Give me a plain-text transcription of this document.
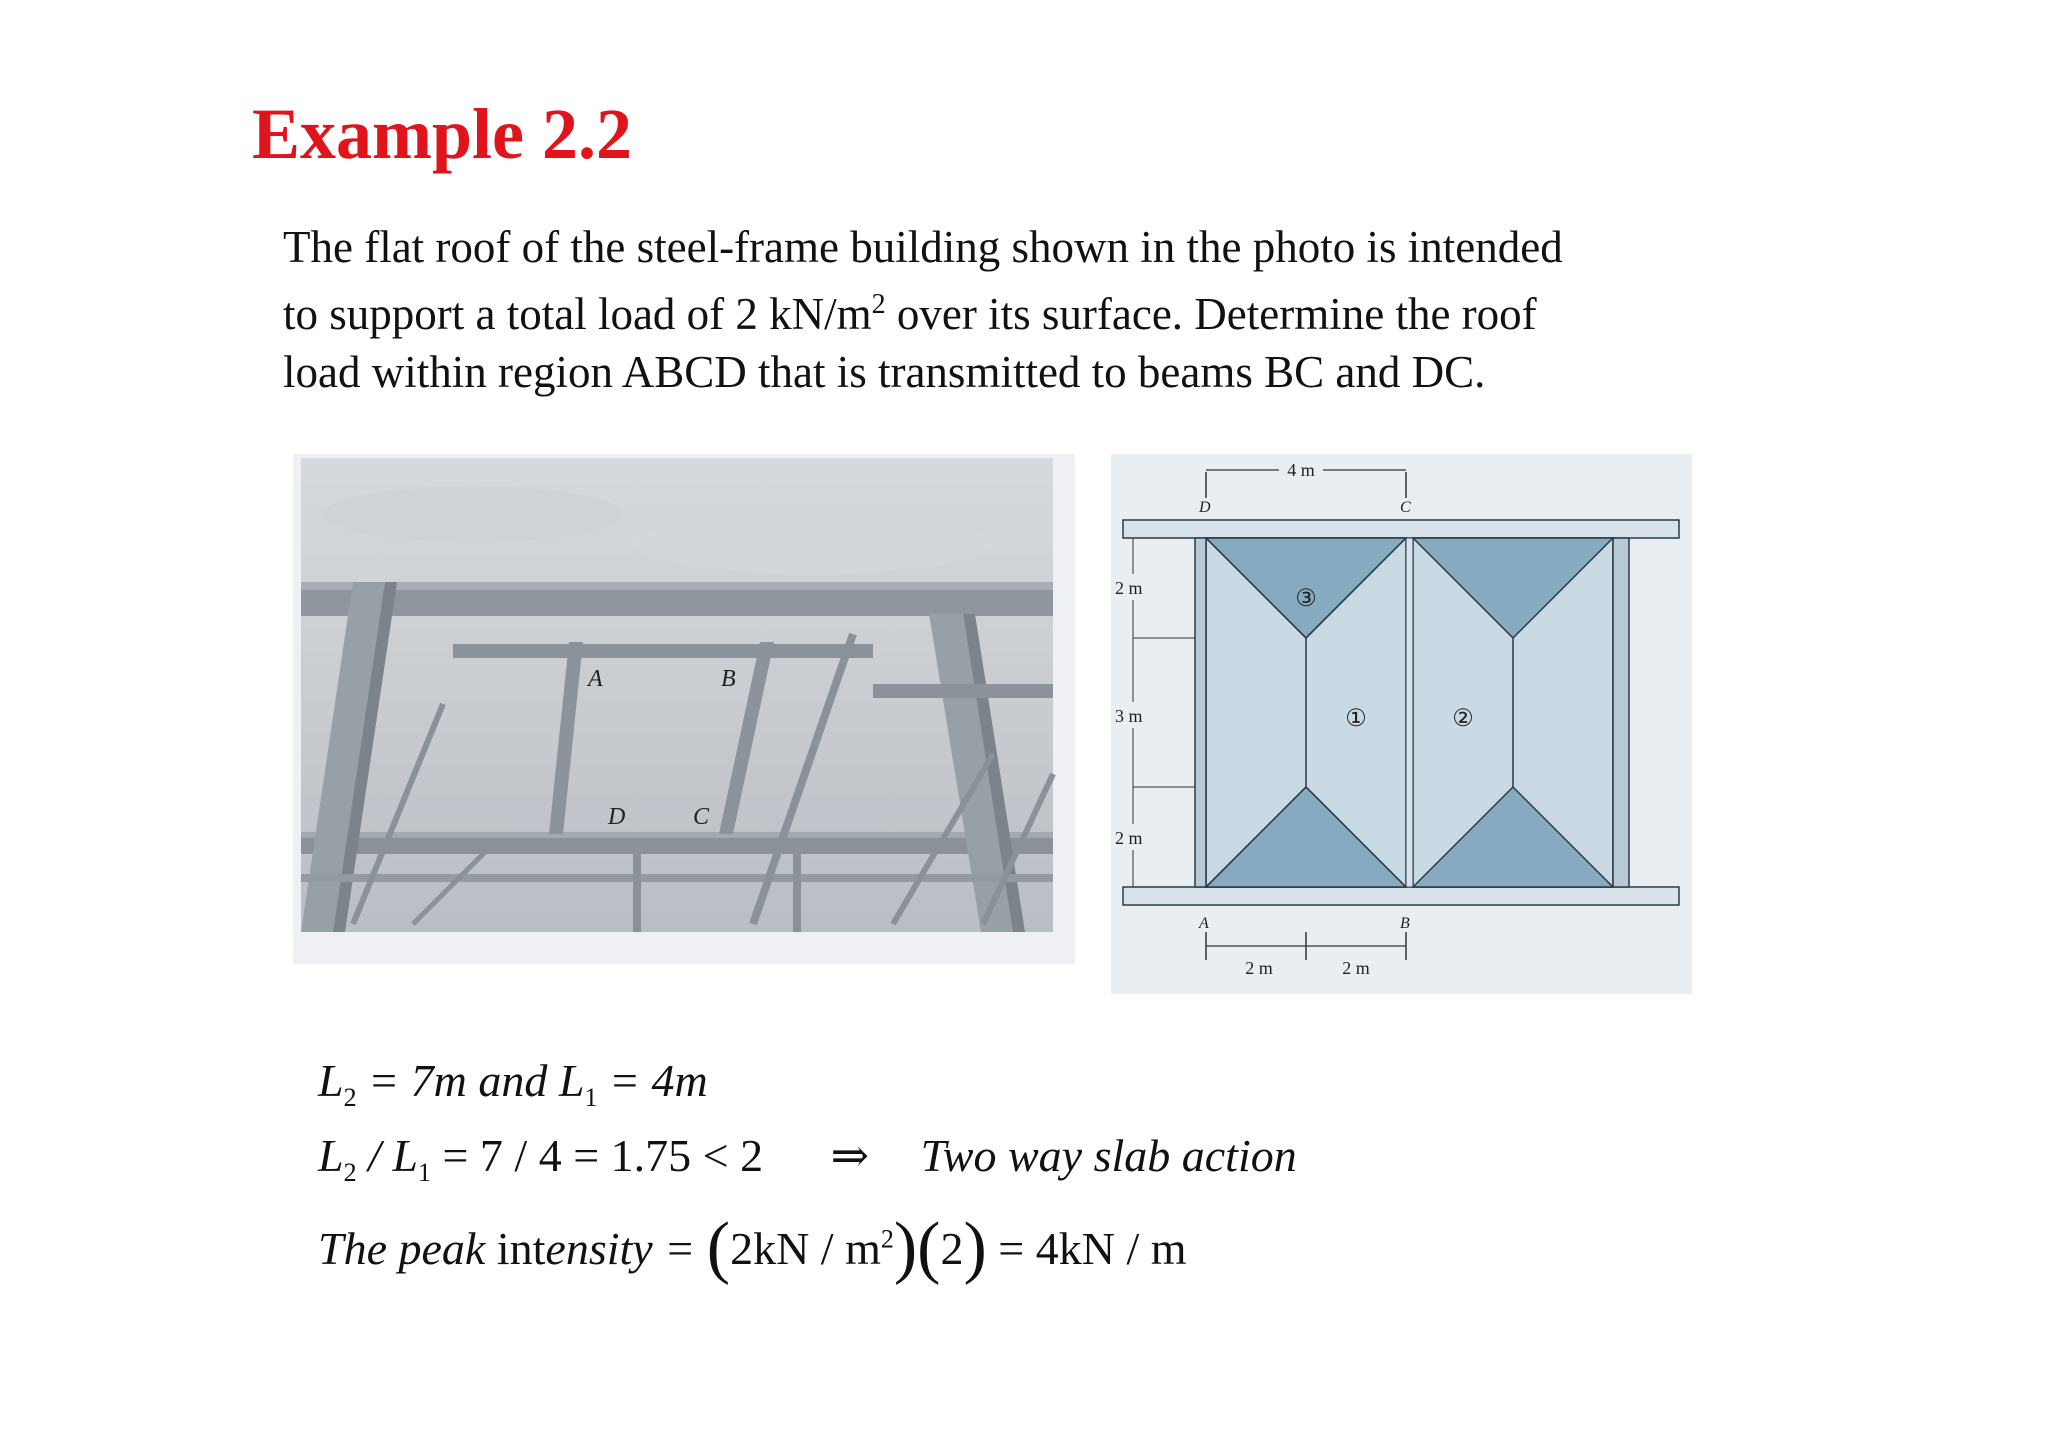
Example 2.2

The flat roof of the steel-frame building shown in the photo is intended

to support a total load of 2 $kN/m^2$ over its surface. Determine the roof

load within region ABCD that is transmitted to beams BC and DC.

A	B
D	C
4 m
D	C
2 m
3 m
2 m
③
①	②
A	B
2 m	2 m
$L_2 = 7m$ and $L_1 = 4m$
$L_2 / L_1 = 7 / 4 = 1.75 < 2$ ⇒ Two way slab action
The peak intensity = $(2kN / m^2)(2) = 4kN / m$
